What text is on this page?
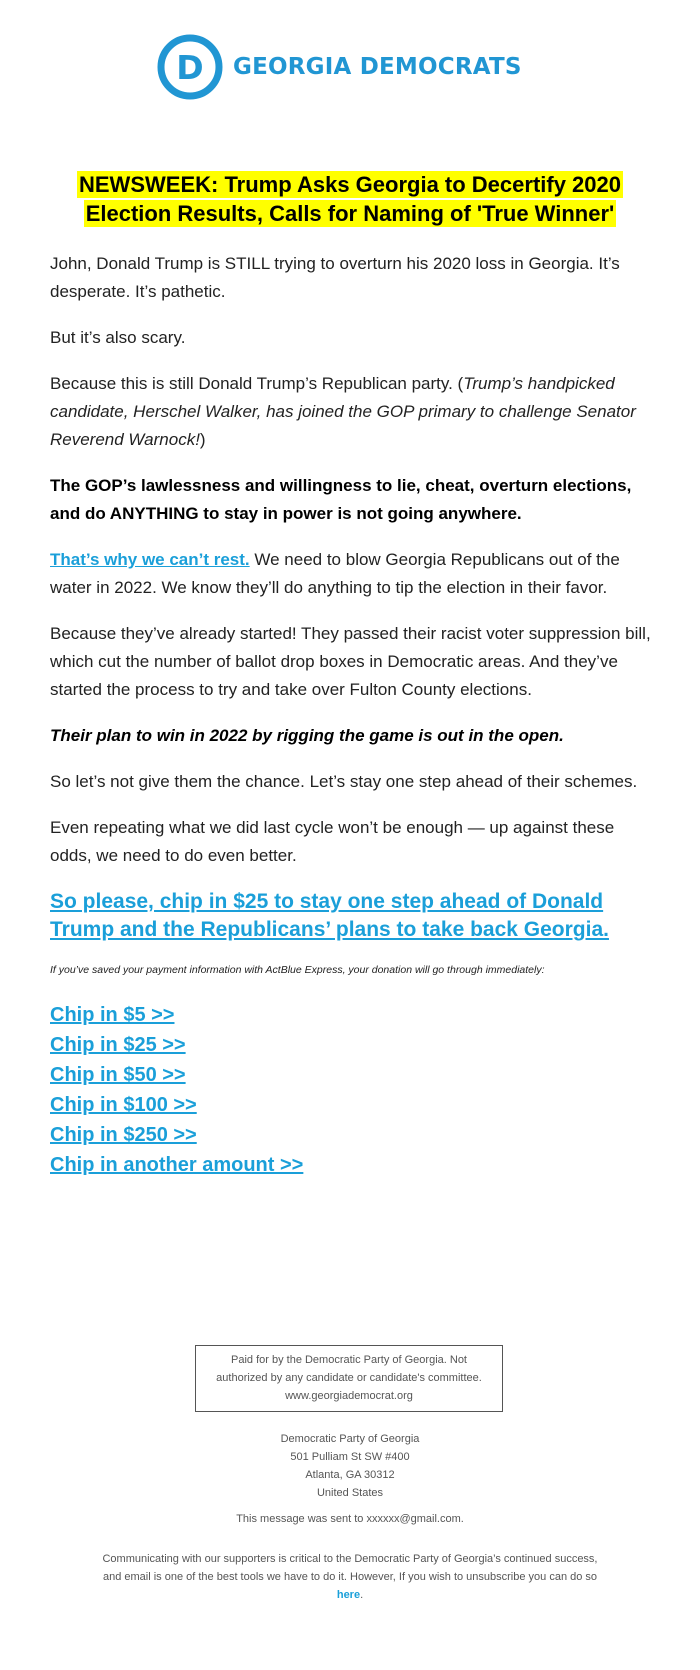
D GEORGIA DEMOCRATS
NEWSWEEK: Trump Asks Georgia to Decertify 2020 Election Results, Calls for Naming of 'True Winner'

John, Donald Trump is STILL trying to overturn his 2020 loss in Georgia. It’s desperate. It’s pathetic.

But it’s also scary.

Because this is still Donald Trump’s Republican party. (Trump’s handpicked candidate, Herschel Walker, has joined the GOP primary to challenge Senator Reverend Warnock!)

The GOP’s lawlessness and willingness to lie, cheat, overturn elections, and do ANYTHING to stay in power is not going anywhere.

That’s why we can’t rest. We need to blow Georgia Republicans out of the water in 2022. We know they’ll do anything to tip the election in their favor.

Because they’ve already started! They passed their racist voter suppression bill, which cut the number of ballot drop boxes in Democratic areas. And they’ve started the process to try and take over Fulton County elections.

Their plan to win in 2022 by rigging the game is out in the open.

So let’s not give them the chance. Let’s stay one step ahead of their schemes.

Even repeating what we did last cycle won’t be enough — up against these odds, we need to do even better.

So please, chip in $25 to stay one step ahead of Donald Trump and the Republicans’ plans to take back Georgia.

If you’ve saved your payment information with ActBlue Express, your donation will go through immediately:

Chip in $5 >>
Chip in $25 >>
Chip in $50 >>
Chip in $100 >>
Chip in $250 >>
Chip in another amount >>
Paid for by the Democratic Party of Georgia. Not
authorized by any candidate or candidate's committee.
www.georgiademocrat.org
Democratic Party of Georgia
501 Pulliam St SW #400
Atlanta, GA 30312
United States
This message was sent to xxxxxx@gmail.com.
Communicating with our supporters is critical to the Democratic Party of Georgia’s continued success, and email is one of the best tools we have to do it. However, If you wish to unsubscribe you can do so here.
